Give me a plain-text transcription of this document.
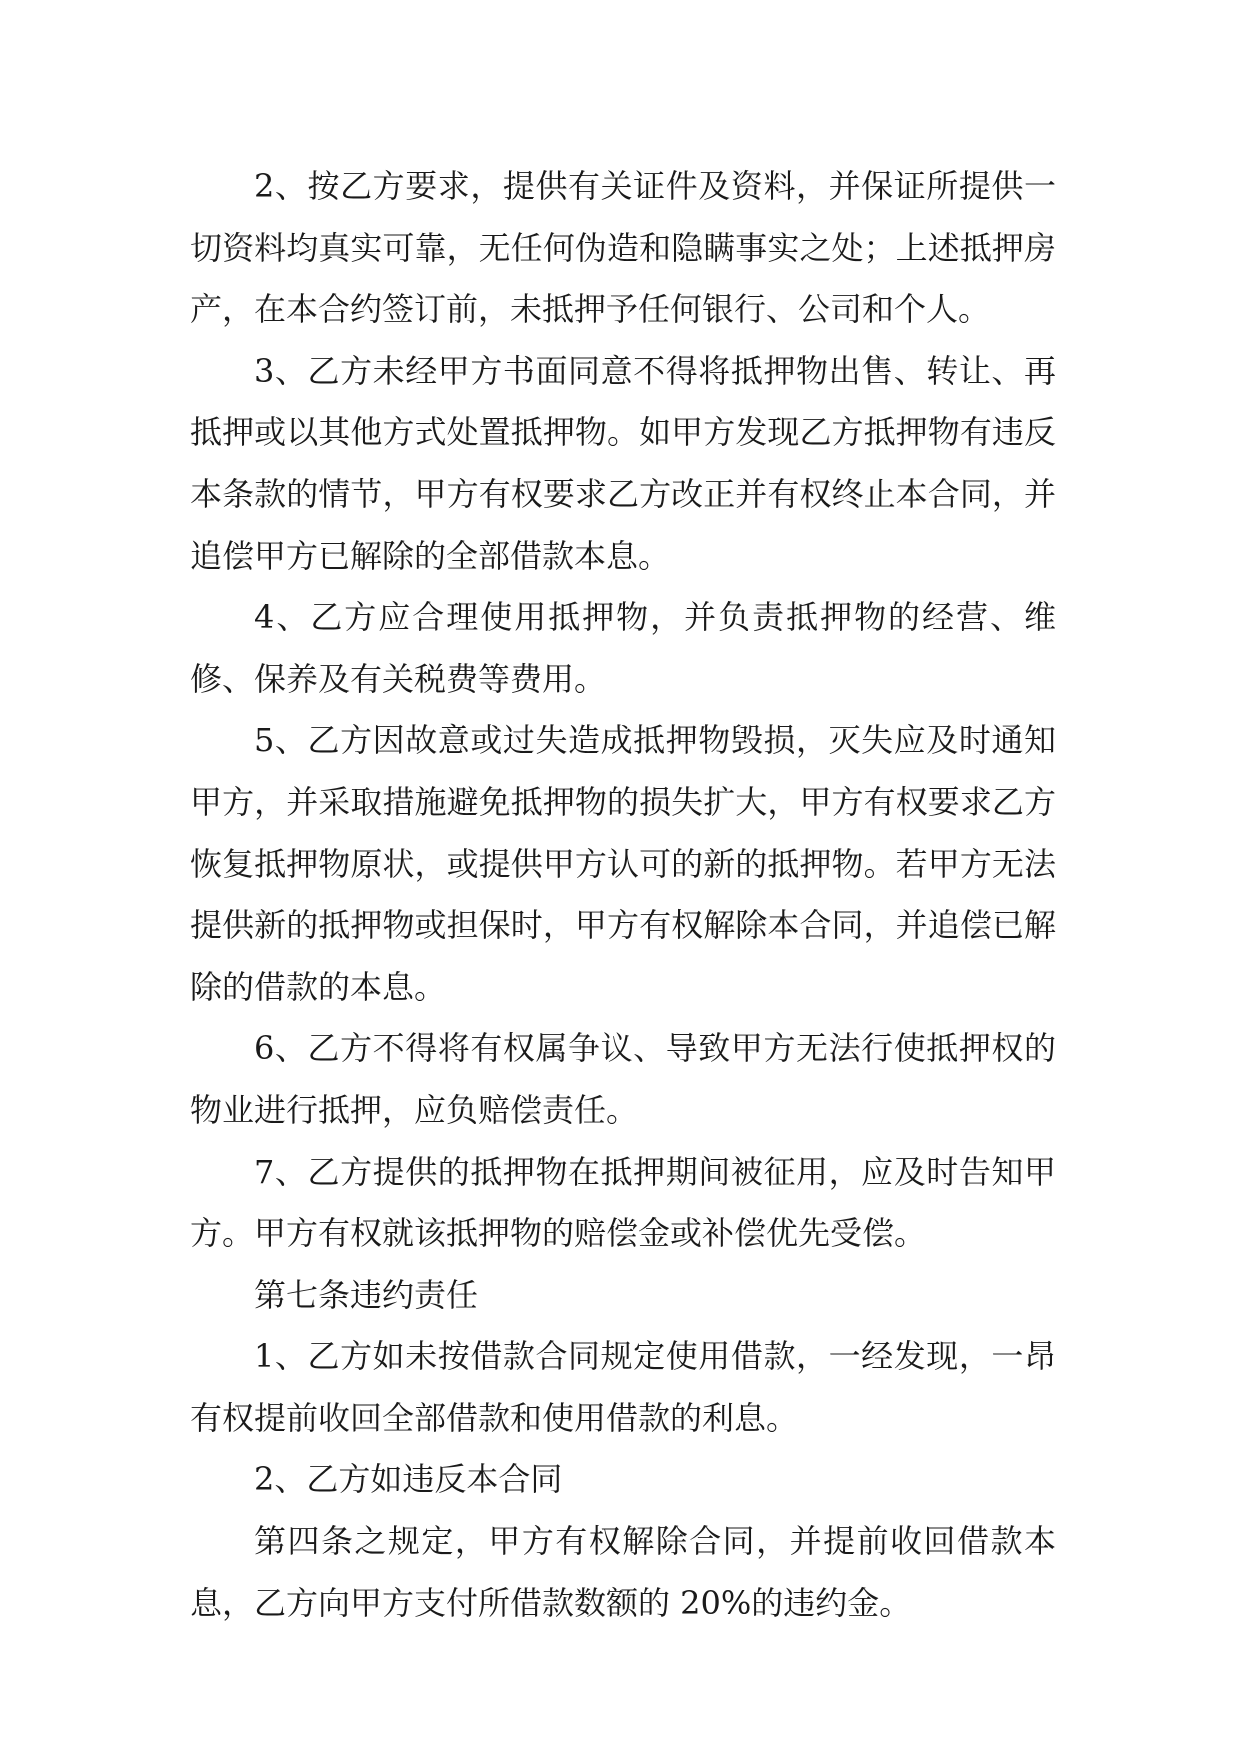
2、按乙方要求，提供有关证件及资料，并保证所提供一切资料均真实可靠，无任何伪造和隐瞒事实之处；上述抵押房产，在本合约签订前，未抵押予任何银行、公司和个人。

3、乙方未经甲方书面同意不得将抵押物出售、转让、再抵押或以其他方式处置抵押物。如甲方发现乙方抵押物有违反本条款的情节，甲方有权要求乙方改正并有权终止本合同，并追偿甲方已解除的全部借款本息。

4、乙方应合理使用抵押物，并负责抵押物的经营、维修、保养及有关税费等费用。

5、乙方因故意或过失造成抵押物毁损，灭失应及时通知甲方，并采取措施避免抵押物的损失扩大，甲方有权要求乙方恢复抵押物原状，或提供甲方认可的新的抵押物。若甲方无法提供新的抵押物或担保时，甲方有权解除本合同，并追偿已解除的借款的本息。

6、乙方不得将有权属争议、导致甲方无法行使抵押权的物业进行抵押，应负赔偿责任。

7、乙方提供的抵押物在抵押期间被征用，应及时告知甲方。甲方有权就该抵押物的赔偿金或补偿优先受偿。

第七条违约责任

1、乙方如未按借款合同规定使用借款，一经发现，一昂有权提前收回全部借款和使用借款的利息。

2、乙方如违反本合同

第四条之规定，甲方有权解除合同，并提前收回借款本息，乙方向甲方支付所借款数额的 20%的违约金。
